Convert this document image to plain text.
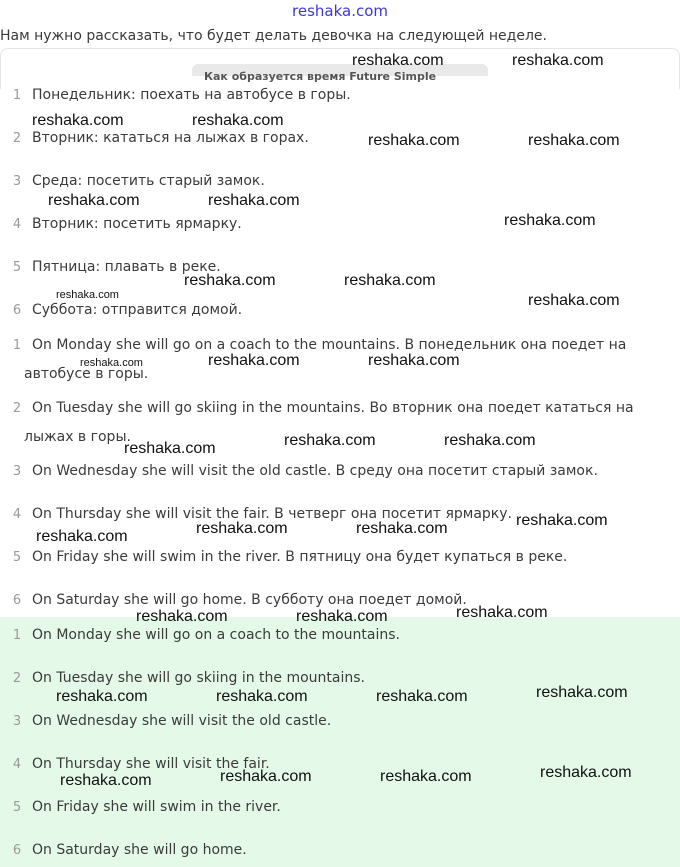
reshaka.com
Нам нужно рассказать, что будет делать девочка на следующей неделе.
Как образуется время Future Simple
1 Понедельник: поехать на автобусе в горы.
2 Вторник: кататься на лыжах в горах.
3 Среда: посетить старый замок.
4 Вторник: посетить ярмарку.
5 Пятница: плавать в реке.
6 Суббота: отправится домой.
1 On Monday she will go on a coach to the mountains. В понедельник она поедет на
автобусе в горы.
2 On Tuesday she will go skiing in the mountains. Во вторник она поедет кататься на
лыжах в горы.
3 On Wednesday she will visit the old castle. В среду она посетит старый замок.
4 On Thursday she will visit the fair. В четверг она посетит ярмарку.
5 On Friday she will swim in the river. В пятницу она будет купаться в реке.
6 On Saturday she will go home. В субботу она поедет домой.
1 On Monday she will go on a coach to the mountains.
2 On Tuesday she will go skiing in the mountains.
3 On Wednesday she will visit the old castle.
4 On Thursday she will visit the fair.
5 On Friday she will swim in the river.
6 On Saturday she will go home.
reshaka.com	reshaka.com
reshaka.com	reshaka.com
reshaka.com	reshaka.com
reshaka.com	reshaka.com
reshaka.com
reshaka.com	reshaka.com
reshaka.com	reshaka.com
reshaka.com	reshaka.com
reshaka.com
reshaka.com	reshaka.com
reshaka.com
reshaka.com
reshaka.com	reshaka.com
reshaka.com
reshaka.com
reshaka.com	reshaka.com
reshaka.com
reshaka.com	reshaka.com	reshaka.com
reshaka.com
reshaka.com	reshaka.com
reshaka.com
